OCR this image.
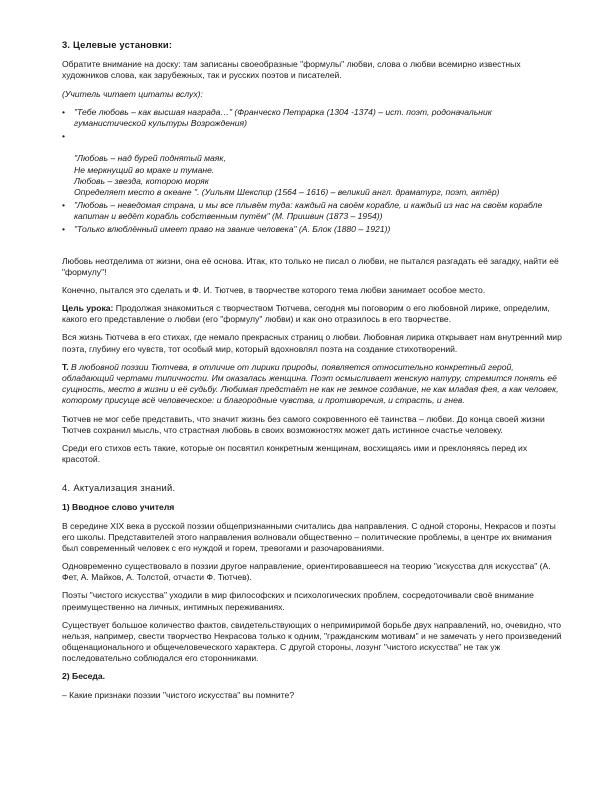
3. Целевые установки:

Обратите внимание на доску: там записаны своеобразные "формулы" любви, слова о любви всемирно известных художников слова, как зарубежных, так и русских поэтов и писателей.

(Учитель читает цитаты вслух):

• "Тебе любовь – как высшая награда…" (Франческо Петрарка (1304 -1374) – ист. поэт, родоначальник гуманистической культуры Возрождения)

•

"Любовь – над бурей поднятый маяк,
Не меркнущий во мраке и тумане.
Любовь – звезда, которою моряк
Определяет место в океане ". (Уильям Шекспир (1564 – 1616) – великий англ. драматург, поэт, актёр)

• "Любовь – неведомая страна, и мы все плывём туда: каждый на своём корабле, и каждый из нас на своём корабле капитан и ведёт корабль собственным путём" (М. Пришвин (1873 – 1954))
• "Только влюблённый имеет право на звание человека" (А. Блок (1880 – 1921))

Любовь неотделима от жизни, она её основа. Итак, кто только не писал о любви, не пытался разгадать её загадку, найти её "формулу"!

Конечно, пытался это сделать и Ф. И. Тютчев, в творчестве которого тема любви занимает особое место.

Цель урока: Продолжая знакомиться с творчеством Тютчева, сегодня мы поговорим о его любовной лирике, определим, какого его представление о любви (его "формулу" любви) и как оно отразилось в его творчестве.

Вся жизнь Тютчева в его стихах, где немало прекрасных страниц о любви. Любовная лирика открывает нам внутренний мир поэта, глубину его чувств, тот особый мир, который вдохновлял поэта на создание стихотворений.

Т. В любовной поэзии Тютчева, в отличие от лирики природы, появляется относительно конкретный герой, обладающий чертами типичности. Им оказалась женщина. Поэт осмысливает женскую натуру, стремится понять её сущность, место в жизни и её судьбу. Любимая предстаёт не как не земное создание, не как младая фея, а как человек, которому присуще всё человеческое: и благородные чувства, и противоречия, и страсть, и гнев.

Тютчев не мог себе представить, что значит жизнь без самого сокровенного её таинства – любви. До конца своей жизни Тютчев сохранил мысль, что страстная любовь в своих возможностях может дать истинное счастье человеку.

Среди его стихов есть такие, которые он посвятил конкретным женщинам, восхищаясь ими и преклоняясь перед их красотой.

4. Актуализация знаний.

1) Вводное слово учителя

В середине XIX века в русской поэзии общепризнанными считались два направления. С одной стороны, Некрасов и поэты его школы. Представителей этого направления волновали общественно – политические проблемы, в центре их внимания был современный человек с его нуждой и горем, тревогами и разочарованиями.

Одновременно существовало в поэзии другое направление, ориентировавшееся на теорию "искусства для искусства" (А. Фет, А. Майков, А. Толстой, отчасти Ф. Тютчев).

Поэты "чистого искусства" уходили в мир философских и психологических проблем, сосредоточивали своё внимание преимущественно на личных, интимных переживаниях.

Существует большое количество фактов, свидетельствующих о непримиримой борьбе двух направлений, но, очевидно, что нельзя, например, свести творчество Некрасова только к одним, "гражданским мотивам" и не замечать у него произведений общенационального и общечеловеческого характера. С другой стороны, лозунг "чистого искусства" не так уж последовательно соблюдался его сторонниками.

2) Беседа.

– Какие признаки поэзии "чистого искусства" вы помните?
